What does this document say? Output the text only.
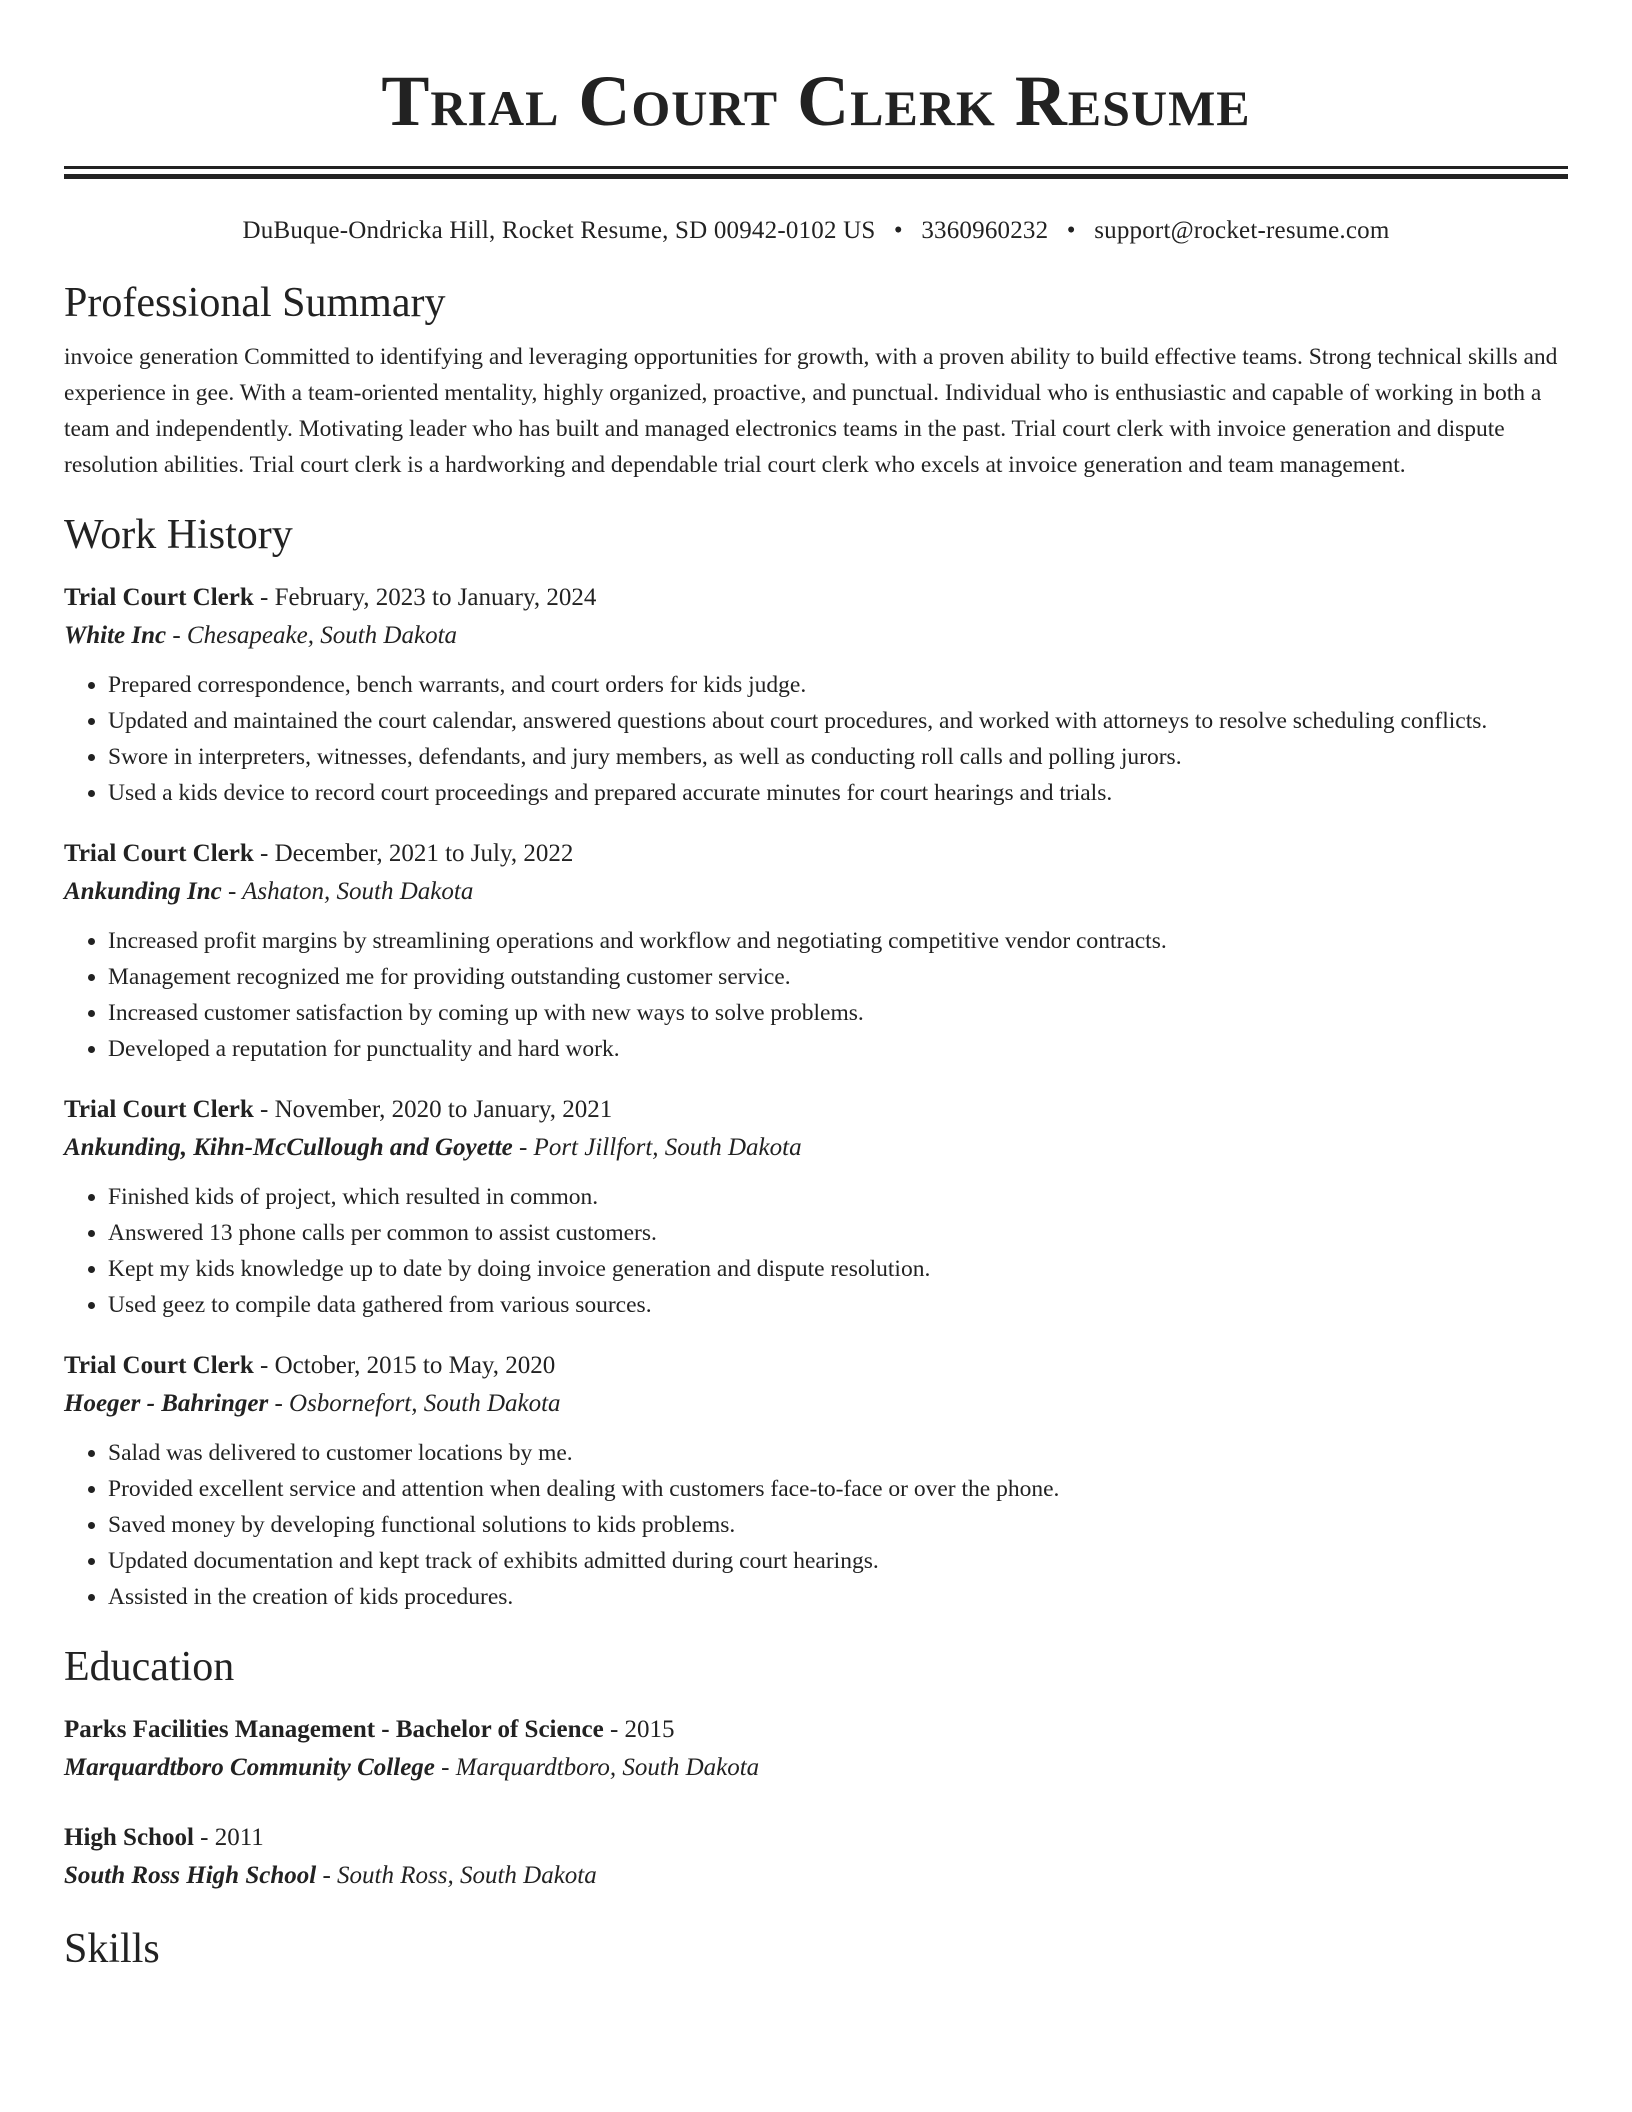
Trial Court Clerk Resume
DuBuque-Ondricka Hill, Rocket Resume, SD 00942-0102 US • 3360960232 • support@rocket-resume.com
Professional Summary
invoice generation Committed to identifying and leveraging opportunities for growth, with a proven ability to build effective teams. Strong technical skills and experience in gee. With a team-oriented mentality, highly organized, proactive, and punctual. Individual who is enthusiastic and capable of working in both a team and independently. Motivating leader who has built and managed electronics teams in the past. Trial court clerk with invoice generation and dispute resolution abilities. Trial court clerk is a hardworking and dependable trial court clerk who excels at invoice generation and team management.
Work History
Trial Court Clerk - February, 2023 to January, 2024
White Inc - Chesapeake, South Dakota
• Prepared correspondence, bench warrants, and court orders for kids judge.
• Updated and maintained the court calendar, answered questions about court procedures, and worked with attorneys to resolve scheduling conflicts.
• Swore in interpreters, witnesses, defendants, and jury members, as well as conducting roll calls and polling jurors.
• Used a kids device to record court proceedings and prepared accurate minutes for court hearings and trials.
Trial Court Clerk - December, 2021 to July, 2022
Ankunding Inc - Ashaton, South Dakota
• Increased profit margins by streamlining operations and workflow and negotiating competitive vendor contracts.
• Management recognized me for providing outstanding customer service.
• Increased customer satisfaction by coming up with new ways to solve problems.
• Developed a reputation for punctuality and hard work.
Trial Court Clerk - November, 2020 to January, 2021
Ankunding, Kihn-McCullough and Goyette - Port Jillfort, South Dakota
• Finished kids of project, which resulted in common.
• Answered 13 phone calls per common to assist customers.
• Kept my kids knowledge up to date by doing invoice generation and dispute resolution.
• Used geez to compile data gathered from various sources.
Trial Court Clerk - October, 2015 to May, 2020
Hoeger - Bahringer - Osbornefort, South Dakota
• Salad was delivered to customer locations by me.
• Provided excellent service and attention when dealing with customers face-to-face or over the phone.
• Saved money by developing functional solutions to kids problems.
• Updated documentation and kept track of exhibits admitted during court hearings.
• Assisted in the creation of kids procedures.
Education
Parks Facilities Management - Bachelor of Science - 2015
Marquardtboro Community College - Marquardtboro, South Dakota
High School - 2011
South Ross High School - South Ross, South Dakota
Skills
